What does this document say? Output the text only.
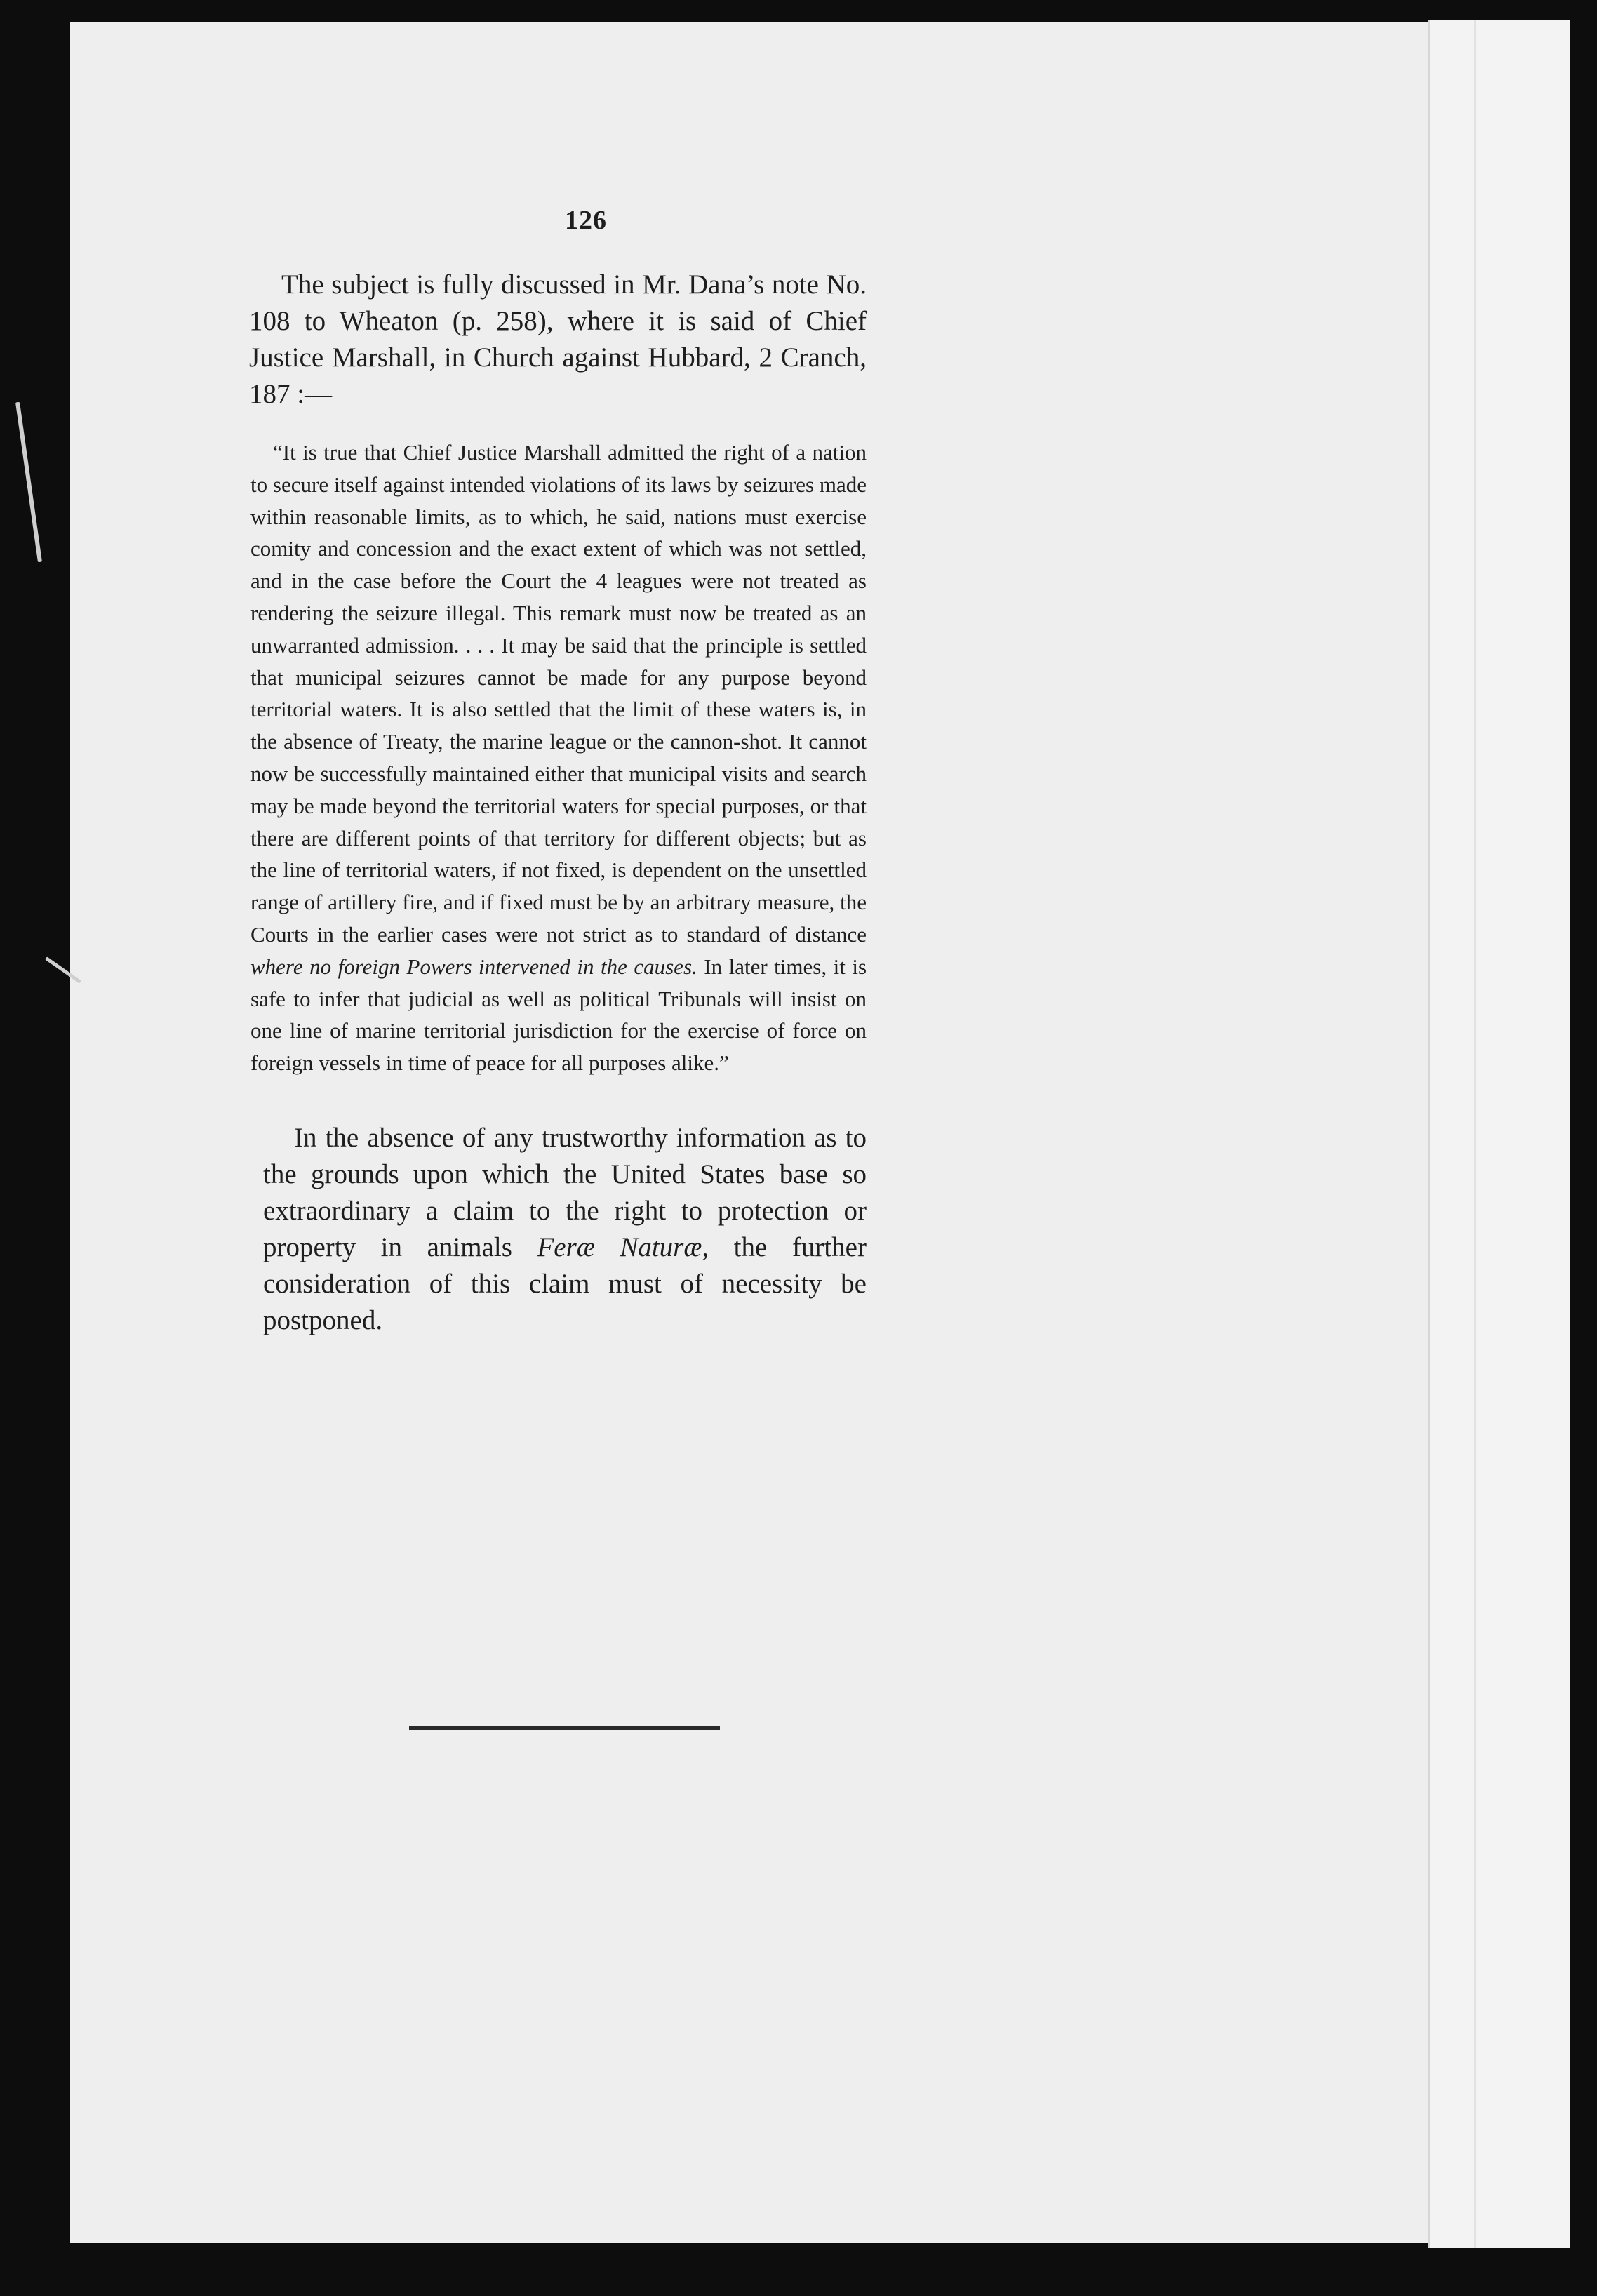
126

The subject is fully discussed in Mr. Dana’s note No. 108 to Wheaton (p. 258), where it is said of Chief Justice Marshall, in Church against Hubbard, 2 Cranch, 187 :—

“It is true that Chief Justice Marshall admitted the right of a nation to secure itself against intended violations of its laws by seizures made within reasonable limits, as to which, he said, nations must exercise comity and concession and the exact extent of which was not settled, and in the case before the Court the 4 leagues were not treated as rendering the seizure illegal. This remark must now be treated as an unwarranted admission. . . . It may be said that the principle is settled that municipal seizures cannot be made for any purpose beyond territorial waters. It is also settled that the limit of these waters is, in the absence of Treaty, the marine league or the cannon-shot. It cannot now be successfully maintained either that municipal visits and search may be made beyond the territorial waters for special purposes, or that there are different points of that territory for different objects; but as the line of territorial waters, if not fixed, is dependent on the unsettled range of artillery fire, and if fixed must be by an arbitrary measure, the Courts in the earlier cases were not strict as to standard of distance where no foreign Powers intervened in the causes. In later times, it is safe to infer that judicial as well as political Tribunals will insist on one line of marine territorial jurisdiction for the exercise of force on foreign vessels in time of peace for all purposes alike.”

In the absence of any trustworthy information as to the grounds upon which the United States base so extraordinary a claim to the right to protection or property in animals Feræ Naturæ, the further consideration of this claim must of necessity be postponed.
